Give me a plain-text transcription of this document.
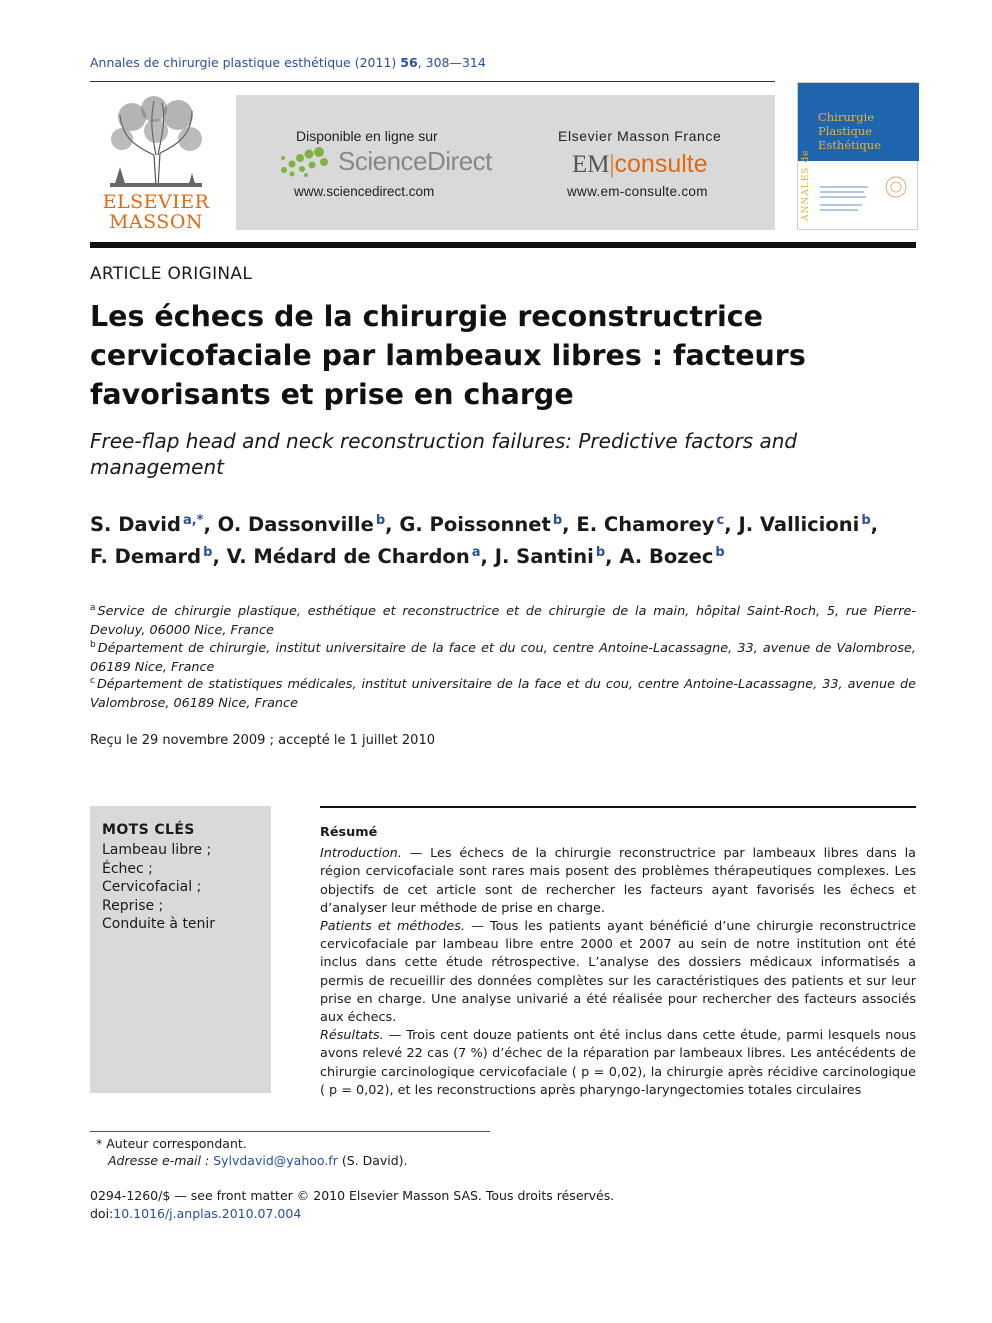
Annales de chirurgie plastique esthétique (2011) 56, 308—314
ELSEVIER
MASSON
Disponible en ligne sur
ScienceDirect
www.sciencedirect.com
Elsevier Masson France
EM|consulte
www.em-consulte.com	ANNALES de
Chirurgie
Plastique
Esthétique
ARTICLE ORIGINAL
Les échecs de la chirurgie reconstructrice cervicofaciale par lambeaux libres : facteurs favorisants et prise en charge
Free-flap head and neck reconstruction failures: Predictive factors and management
S. David $^{a,*}$, O. Dassonville $^b$, G. Poissonnet $^b$, E. Chamorey $^c$, J. Vallicioni $^b$,
F. Demard $^b$, V. Médard de Chardon $^a$, J. Santini $^b$, A. Bozec $^b$
$^a$ Service de chirurgie plastique, esthétique et reconstructrice et de chirurgie de la main, hôpital Saint-Roch, 5, rue Pierre-Devoluy, 06000 Nice, France
$^b$ Département de chirurgie, institut universitaire de la face et du cou, centre Antoine-Lacassagne, 33, avenue de Valombrose, 06189 Nice, France
$^c$ Département de statistiques médicales, institut universitaire de la face et du cou, centre Antoine-Lacassagne, 33, avenue de Valombrose, 06189 Nice, France
Reçu le 29 novembre 2009 ; accepté le 1 juillet 2010
MOTS CLÉS
Lambeau libre ;
Échec ;
Cervicofacial ;
Reprise ;
Conduite à tenir
Résumé

Introduction. — Les échecs de la chirurgie reconstructrice par lambeaux libres dans la région cervicofaciale sont rares mais posent des problèmes thérapeutiques complexes. Les objectifs de cet article sont de rechercher les facteurs ayant favorisés les échecs et d’analyser leur méthode de prise en charge.

Patients et méthodes. — Tous les patients ayant bénéficié d’une chirurgie reconstructrice cervicofaciale par lambeau libre entre 2000 et 2007 au sein de notre institution ont été inclus dans cette étude rétrospective. L’analyse des dossiers médicaux informatisés a permis de recueillir des données complètes sur les caractéristiques des patients et sur leur prise en charge. Une analyse univarié a été réalisée pour rechercher des facteurs associés aux échecs.

Résultats. — Trois cent douze patients ont été inclus dans cette étude, parmi lesquels nous avons relevé 22 cas (7 %) d’échec de la réparation par lambeaux libres. Les antécédents de chirurgie carcinologique cervicofaciale ( p = 0,02), la chirurgie après récidive carcinologique ( p = 0,02), et les reconstructions après pharyngo-laryngectomies totales circulaires

* Auteur correspondant.
Adresse e-mail : Sylvdavid@yahoo.fr (S. David).
0294-1260/$ — see front matter © 2010 Elsevier Masson SAS. Tous droits réservés.
doi:10.1016/j.anplas.2010.07.004
